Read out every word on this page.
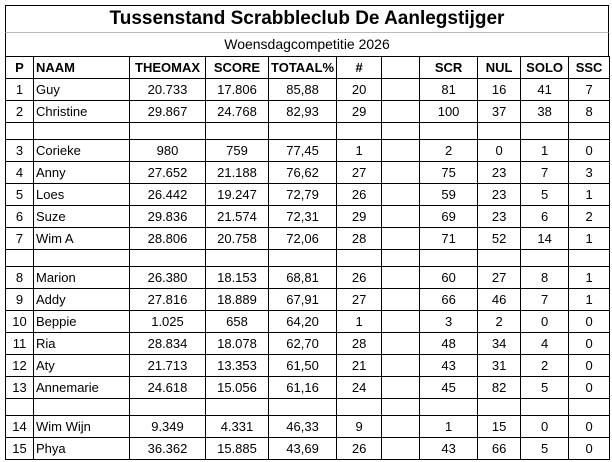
Tussenstand Scrabbleclub De Aanlegstijger
Woensdagcompetitie 2026
P	NAAM	THEOMAX	SCORE	TOTAAL%	#		SCR	NUL	SOLO	SSC
1	Guy	20.733	17.806	85,88	20		81	16	41	7
2	Christine	29.867	24.768	82,93	29		100	37	38	8

3	Corieke	980	759	77,45	1		2	0	1	0
4	Anny	27.652	21.188	76,62	27		75	23	7	3
5	Loes	26.442	19.247	72,79	26		59	23	5	1
6	Suze	29.836	21.574	72,31	29		69	23	6	2
7	Wim A	28.806	20.758	72,06	28		71	52	14	1

8	Marion	26.380	18.153	68,81	26		60	27	8	1
9	Addy	27.816	18.889	67,91	27		66	46	7	1
10	Beppie	1.025	658	64,20	1		3	2	0	0
11	Ria	28.834	18.078	62,70	28		48	34	4	0
12	Aty	21.713	13.353	61,50	21		43	31	2	0
13	Annemarie	24.618	15.056	61,16	24		45	82	5	0

14	Wim Wijn	9.349	4.331	46,33	9		1	15	0	0
15	Phya	36.362	15.885	43,69	26		43	66	5	0
